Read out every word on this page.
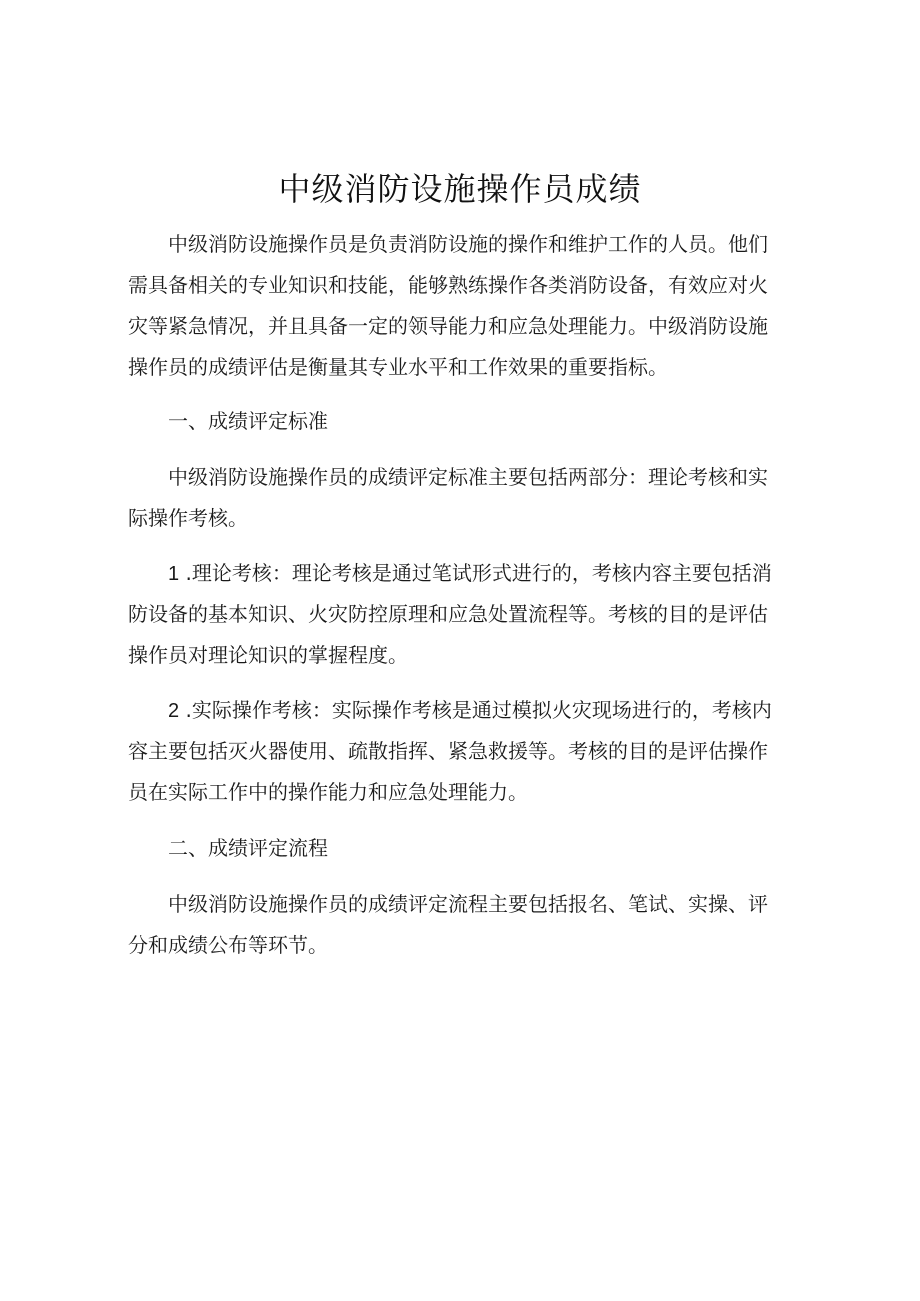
中级消防设施操作员成绩
中级消防设施操作员是负责消防设施的操作和维护工作的人员。他们
需具备相关的专业知识和技能，能够熟练操作各类消防设备，有效应对火
灾等紧急情况，并且具备一定的领导能力和应急处理能力。中级消防设施
操作员的成绩评估是衡量其专业水平和工作效果的重要指标。
一、成绩评定标准
中级消防设施操作员的成绩评定标准主要包括两部分：理论考核和实
际操作考核。
1 .理论考核：理论考核是通过笔试形式进行的，考核内容主要包括消
防设备的基本知识、火灾防控原理和应急处置流程等。考核的目的是评估
操作员对理论知识的掌握程度。
2 .实际操作考核：实际操作考核是通过模拟火灾现场进行的，考核内
容主要包括灭火器使用、疏散指挥、紧急救援等。考核的目的是评估操作
员在实际工作中的操作能力和应急处理能力。
二、成绩评定流程
中级消防设施操作员的成绩评定流程主要包括报名、笔试、实操、评
分和成绩公布等环节。
